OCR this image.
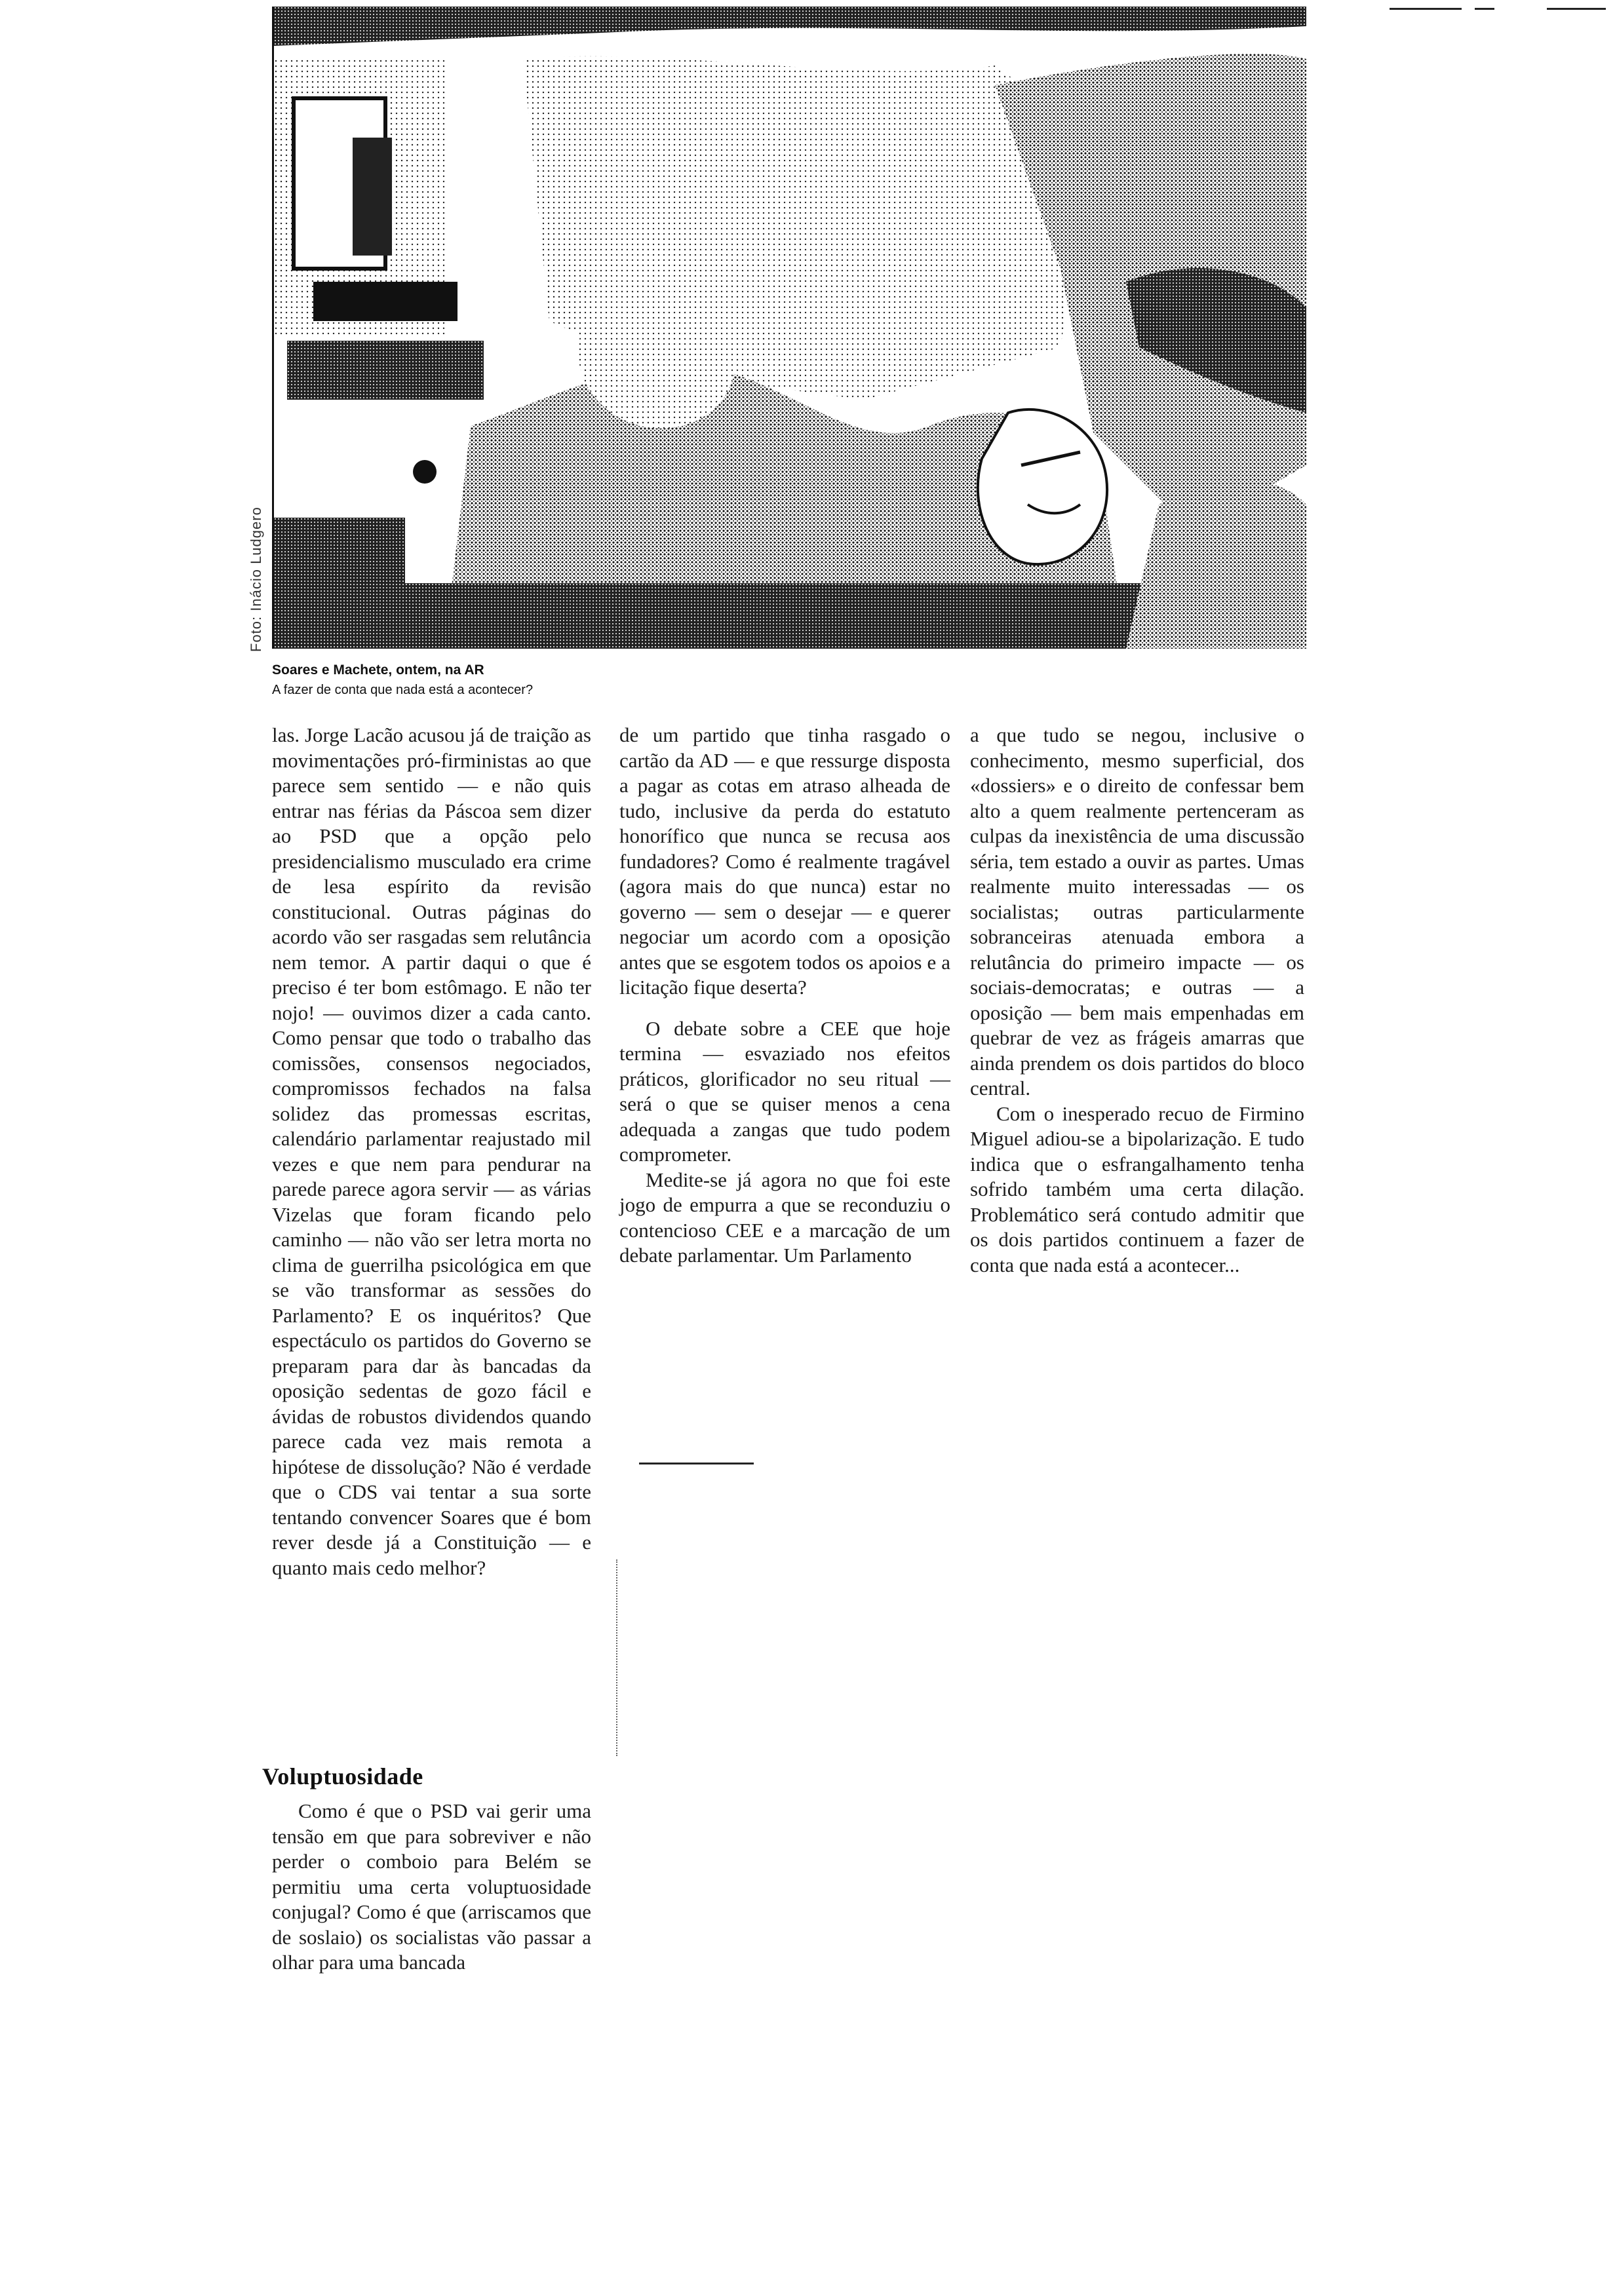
Foto: Inácio Ludgero
Soares e Machete, ontem, na AR
A fazer de conta que nada está a acontecer?

las. Jorge Lacão acusou já de traição as movimentações pró-firministas ao que parece sem sentido — e não quis entrar nas férias da Páscoa sem dizer ao PSD que a opção pelo presidencialismo musculado era crime de lesa espírito da revisão constitucional. Outras páginas do acordo vão ser rasgadas sem relutância nem temor. A partir daqui o que é preciso é ter bom estômago. E não ter nojo! — ouvimos dizer a cada canto. Como pensar que todo o trabalho das comissões, consensos negociados, compromissos fechados na falsa solidez das promessas escritas, calendário parlamentar reajustado mil vezes e que nem para pendurar na parede parece agora servir — as várias Vizelas que foram ficando pelo caminho — não vão ser letra morta no clima de guerrilha psicológica em que se vão transformar as sessões do Parlamento? E os inquéritos? Que espectáculo os partidos do Governo se preparam para dar às bancadas da oposição sedentas de gozo fácil e ávidas de robustos dividendos quando parece cada vez mais remota a hipótese de dissolução? Não é verdade que o CDS vai tentar a sua sorte tentando convencer Soares que é bom rever desde já a Constituição — e quanto mais cedo melhor?

Voluptuosidade

Como é que o PSD vai gerir uma tensão em que para sobreviver e não perder o comboio para Belém se permitiu uma certa voluptuosidade conjugal? Como é que (arriscamos que de soslaio) os socialistas vão passar a olhar para uma bancada

de um partido que tinha rasgado o cartão da AD — e que ressurge disposta a pagar as cotas em atraso alheada de tudo, inclusive da perda do estatuto honorífico que nunca se recusa aos fundadores? Como é realmente tragável (agora mais do que nunca) estar no governo — sem o desejar — e querer negociar um acordo com a oposição antes que se esgotem todos os apoios e a licitação fique deserta?

O debate sobre a CEE que hoje termina — esvaziado nos efeitos práticos, glorificador no seu ritual — será o que se quiser menos a cena adequada a zangas que tudo podem comprometer.

Medite-se já agora no que foi este jogo de empurra a que se reconduziu o contencioso CEE e a marcação de um debate parlamentar. Um Parlamento

a que tudo se negou, inclusive o conhecimento, mesmo superficial, dos «dossiers» e o direito de confessar bem alto a quem realmente pertenceram as culpas da inexistência de uma discussão séria, tem estado a ouvir as partes. Umas realmente muito interessadas — os socialistas; outras particularmente sobranceiras atenuada embora a relutância do primeiro impacte — os sociais-democratas; e outras — a oposição — bem mais empenhadas em quebrar de vez as frágeis amarras que ainda prendem os dois partidos do bloco central.

Com o inesperado recuo de Firmino Miguel adiou-se a bipolarização. E tudo indica que o esfrangalhamento tenha sofrido também uma certa dilação. Problemático será contudo admitir que os dois partidos continuem a fazer de conta que nada está a acontecer...
